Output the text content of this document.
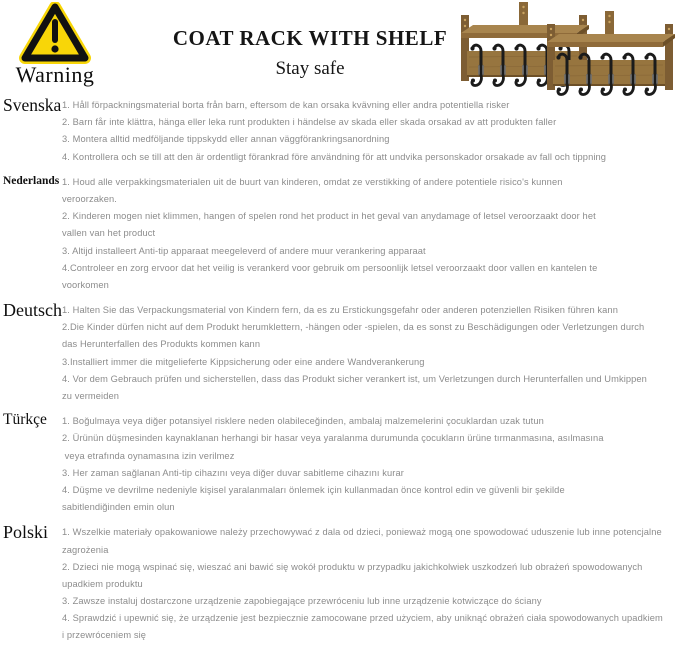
Warning
COAT RACK WITH SHELF
Stay safe
Svenska 1. Håll förpackningsmaterial borta från barn, eftersom de kan orsaka kvävning eller andra potentiella risker
2. Barn får inte klättra, hänga eller leka runt produkten i händelse av skada eller skada orsakad av att produkten faller
3. Montera alltid medföljande tippskydd eller annan väggförankringsanordning
4. Kontrollera och se till att den är ordentligt förankrad före användning för att undvika personskador orsakade av fall och tippning
Nederlands 1. Houd alle verpakkingsmaterialen uit de buurt van kinderen, omdat ze verstikking of andere potentiele risico's kunnen
veroorzaken.
2. Kinderen mogen niet klimmen, hangen of spelen rond het product in het geval van anydamage of letsel veroorzaakt door het
vallen van het product
3. Altijd installeert Anti-tip apparaat meegeleverd of andere muur verankering apparaat
4.Controleer en zorg ervoor dat het veilig is verankerd voor gebruik om persoonlijk letsel veroorzaakt door vallen en kantelen te
voorkomen
Deutsch 1. Halten Sie das Verpackungsmaterial von Kindern fern, da es zu Erstickungsgefahr oder anderen potenziellen Risiken führen kann
2.Die Kinder dürfen nicht auf dem Produkt herumklettern, -hängen oder -spielen, da es sonst zu Beschädigungen oder Verletzungen durch
das Herunterfallen des Produkts kommen kann
3.Installiert immer die mitgelieferte Kippsicherung oder eine andere Wandverankerung
4. Vor dem Gebrauch prüfen und sicherstellen, dass das Produkt sicher verankert ist, um Verletzungen durch Herunterfallen und Umkippen
zu vermeiden
Türkçe	1. Boğulmaya veya diğer potansiyel risklere neden olabileceğinden, ambalaj malzemelerini çocuklardan uzak tutun
2. Ürünün düşmesinden kaynaklanan herhangi bir hasar veya yaralanma durumunda çocukların ürüne tırmanmasına, asılmasına
veya etrafında oynamasına izin verilmez
3. Her zaman sağlanan Anti-tip cihazını veya diğer duvar sabitleme cihazını kurar
4. Düşme ve devrilme nedeniyle kişisel yaralanmaları önlemek için kullanmadan önce kontrol edin ve güvenli bir şekilde
sabitlendiğinden emin olun
Polski	1. Wszelkie materiały opakowaniowe należy przechowywać z dala od dzieci, ponieważ mogą one spowodować uduszenie lub inne potencjalne
zagrożenia
2. Dzieci nie mogą wspinać się, wieszać ani bawić się wokół produktu w przypadku jakichkolwiek uszkodzeń lub obrażeń spowodowanych
upadkiem produktu
3. Zawsze instaluj dostarczone urządzenie zapobiegające przewróceniu lub inne urządzenie kotwiczące do ściany
4. Sprawdzić i upewnić się, że urządzenie jest bezpiecznie zamocowane przed użyciem, aby uniknąć obrażeń ciała spowodowanych upadkiem
i przewróceniem się
